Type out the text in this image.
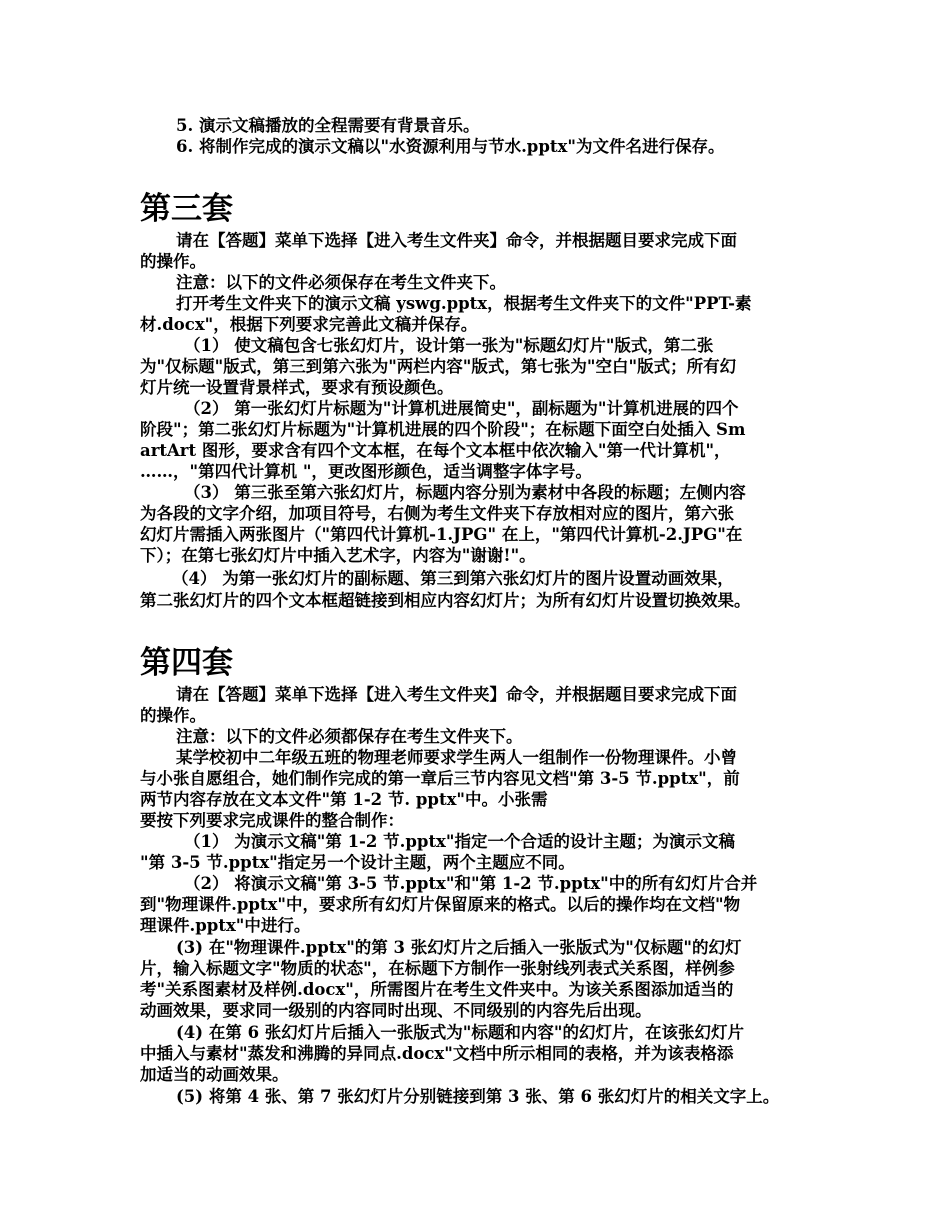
5. 演示文稿播放的全程需要有背景音乐。
6. 将制作完成的演示文稿以"水资源利用与节水.pptx"为文件名进行保存。
第三套
请在【答题】菜单下选择【进入考生文件夹】命令，并根据题目要求完成下面
的操作。
注意：以下的文件必须保存在考生文件夹下。
打开考生文件夹下的演示文稿 yswg.pptx，根据考生文件夹下的文件"PPT-素
材.docx"，根据下列要求完善此文稿并保存。
（1） 使文稿包含七张幻灯片，设计第一张为"标题幻灯片"版式，第二张
为"仅标题"版式，第三到第六张为"两栏内容"版式，第七张为"空白"版式；所有幻
灯片统一设置背景样式，要求有预设颜色。
（2） 第一张幻灯片标题为"计算机进展简史"，副标题为"计算机进展的四个
阶段"；第二张幻灯片标题为"计算机进展的四个阶段"；在标题下面空白处插入 Sm
artArt 图形，要求含有四个文本框，在每个文本框中依次输入"第一代计算机"，
……，"第四代计算机 "，更改图形颜色，适当调整字体字号。
（3） 第三张至第六张幻灯片，标题内容分别为素材中各段的标题；左侧内容
为各段的文字介绍，加项目符号，右侧为考生文件夹下存放相对应的图片，第六张
幻灯片需插入两张图片（"第四代计算机-1.JPG" 在上，"第四代计算机-2.JPG"在
下）；在第七张幻灯片中插入艺术字，内容为"谢谢!"。
（4） 为第一张幻灯片的副标题、第三到第六张幻灯片的图片设置动画效果，
第二张幻灯片的四个文本框超链接到相应内容幻灯片；为所有幻灯片设置切换效果。
第四套
请在【答题】菜单下选择【进入考生文件夹】命令，并根据题目要求完成下面
的操作。
注意：以下的文件必须都保存在考生文件夹下。
某学校初中二年级五班的物理老师要求学生两人一组制作一份物理课件。小曾
与小张自愿组合，她们制作完成的第一章后三节内容见文档"第 3-5 节.pptx"，前
两节内容存放在文本文件"第 1-2 节. pptx"中。小张需
要按下列要求完成课件的整合制作：
（1） 为演示文稿"第 1-2 节.pptx"指定一个合适的设计主题；为演示文稿
"第 3-5 节.pptx"指定另一个设计主题，两个主题应不同。
（2） 将演示文稿"第 3-5 节.pptx"和"第 1-2 节.pptx"中的所有幻灯片合并
到"物理课件.pptx"中，要求所有幻灯片保留原来的格式。以后的操作均在文档"物
理课件.pptx"中进行。
(3) 在"物理课件.pptx"的第 3 张幻灯片之后插入一张版式为"仅标题"的幻灯
片，输入标题文字"物质的状态"，在标题下方制作一张射线列表式关系图，样例参
考"关系图素材及样例.docx"，所需图片在考生文件夹中。为该关系图添加适当的
动画效果，要求同一级别的内容同时出现、不同级别的内容先后出现。
(4) 在第 6 张幻灯片后插入一张版式为"标题和内容"的幻灯片，在该张幻灯片
中插入与素材"蒸发和沸腾的异同点.docx"文档中所示相同的表格，并为该表格添
加适当的动画效果。
(5) 将第 4 张、第 7 张幻灯片分别链接到第 3 张、第 6 张幻灯片的相关文字上。
